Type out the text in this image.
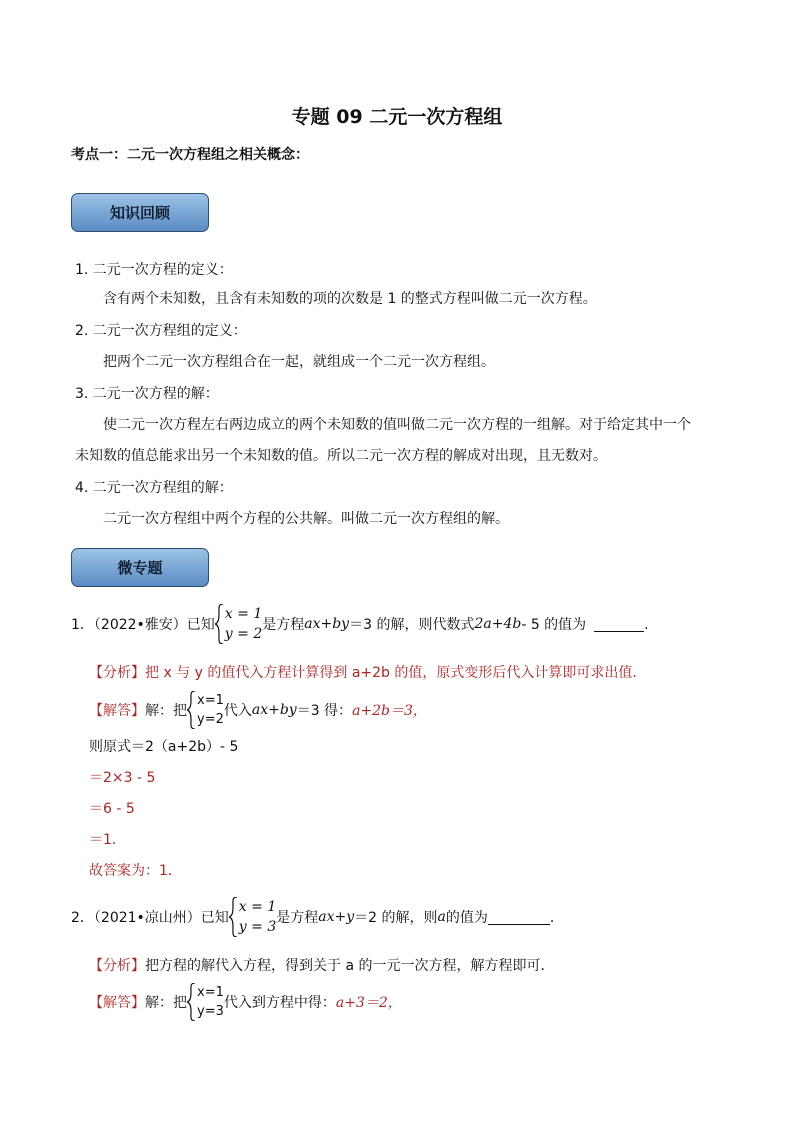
专题 09 二元一次方程组
考点一：二元一次方程组之相关概念：
知识回顾
1. 二元一次方程的定义：
含有两个未知数，且含有未知数的项的次数是 1 的整式方程叫做二元一次方程。
2. 二元一次方程组的定义：
把两个二元一次方程组合在一起，就组成一个二元一次方程组。
3. 二元一次方程的解：
使二元一次方程左右两边成立的两个未知数的值叫做二元一次方程的一组解。对于给定其中一个
未知数的值总能求出另一个未知数的值。所以二元一次方程的解成对出现，且无数对。
4. 二元一次方程组的解：
二元一次方程组中两个方程的公共解。叫做二元一次方程组的解。
微专题
1．（2022•雅安）已知
x = 1
y = 2
是方程 ax+by ＝3 的解，则代数式 2a+4b ‐ 5 的值为	．
【分析】把 x 与 y 的值代入方程计算得到 a+2b 的值，原式变形后代入计算即可求出值．
【解答】 解：把
x=1
y=2
代入 ax+by ＝3 得： a+2b＝3，
则原式＝2（a+2b）‐ 5
＝2×3 ‐ 5
＝6 ‐ 5
＝1．
故答案为：1．
2．（2021•凉山州）已知
x = 1
y = 3
是方程 ax+y ＝2 的解，则 a 的值为	．
【分析】把方程的解代入方程，得到关于 a 的一元一次方程，解方程即可．
【解答】 解：把
x=1
y=3
代入到方程中得： a+3＝2，
